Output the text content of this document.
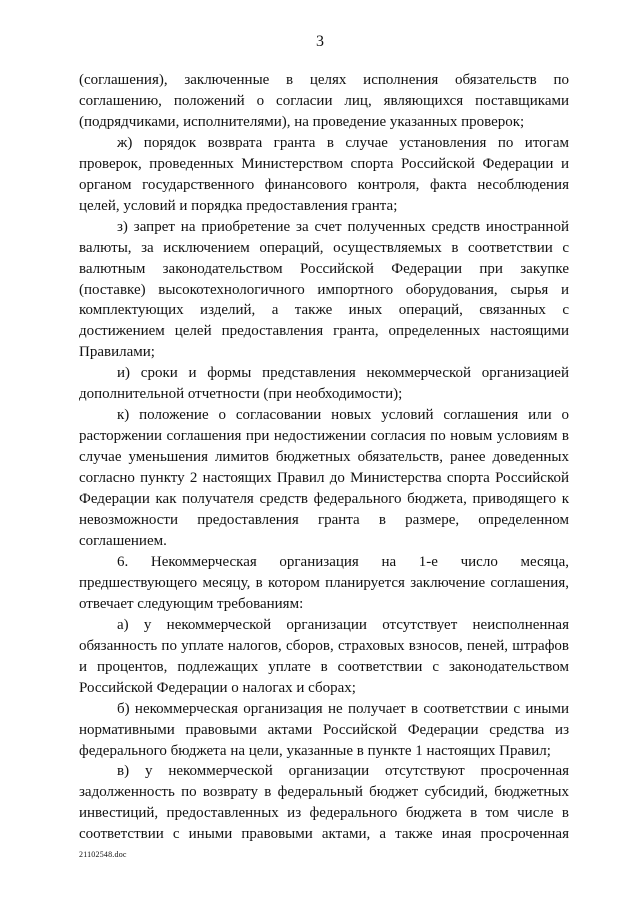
3

(соглашения), заключенные в целях исполнения обязательств по соглашению, положений о согласии лиц, являющихся поставщиками (подрядчиками, исполнителями), на проведение указанных проверок;

ж) порядок возврата гранта в случае установления по итогам проверок, проведенных Министерством спорта Российской Федерации и органом государственного финансового контроля, факта несоблюдения целей, условий и порядка предоставления гранта;

з) запрет на приобретение за счет полученных средств иностранной валюты, за исключением операций, осуществляемых в соответствии с валютным законодательством Российской Федерации при закупке (поставке) высокотехнологичного импортного оборудования, сырья и комплектующих изделий, а также иных операций, связанных с достижением целей предоставления гранта, определенных настоящими Правилами;

и) сроки и формы представления некоммерческой организацией дополнительной отчетности (при необходимости);

к) положение о согласовании новых условий соглашения или о расторжении соглашения при недостижении согласия по новым условиям в случае уменьшения лимитов бюджетных обязательств, ранее доведенных согласно пункту 2 настоящих Правил до Министерства спорта Российской Федерации как получателя средств федерального бюджета, приводящего к невозможности предоставления гранта в размере, определенном соглашением.

6. Некоммерческая организация на 1-е число месяца, предшествующего месяцу, в котором планируется заключение соглашения, отвечает следующим требованиям:

а) у некоммерческой организации отсутствует неисполненная обязанность по уплате налогов, сборов, страховых взносов, пеней, штрафов и процентов, подлежащих уплате в соответствии с законодательством Российской Федерации о налогах и сборах;

б) некоммерческая организация не получает в соответствии с иными нормативными правовыми актами Российской Федерации средства из федерального бюджета на цели, указанные в пункте 1 настоящих Правил;

в) у некоммерческой организации отсутствуют просроченная задолженность по возврату в федеральный бюджет субсидий, бюджетных инвестиций, предоставленных из федерального бюджета в том числе в соответствии с иными правовыми актами, а также иная просроченная

21102548.doc
